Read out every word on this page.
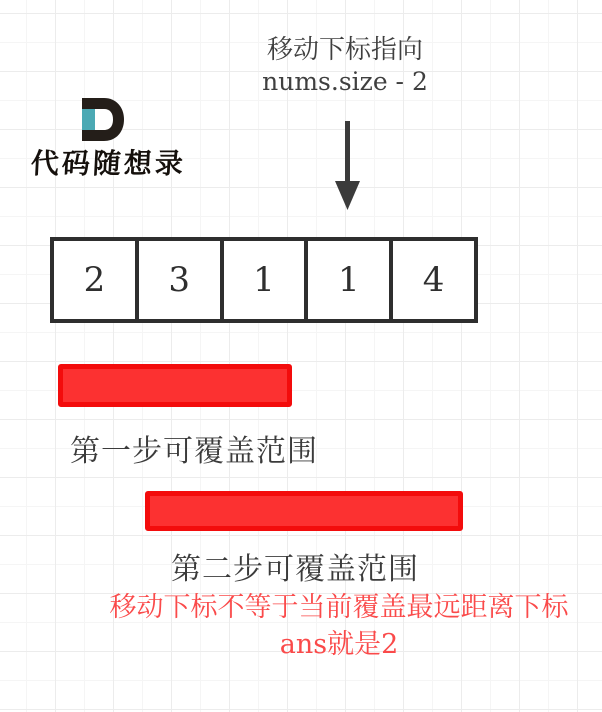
移动下标指向
nums.size - 2
代码随想录
2	3	1	1	4
第一步可覆盖范围
第二步可覆盖范围
移动下标不等于当前覆盖最远距离下标
ans就是2
